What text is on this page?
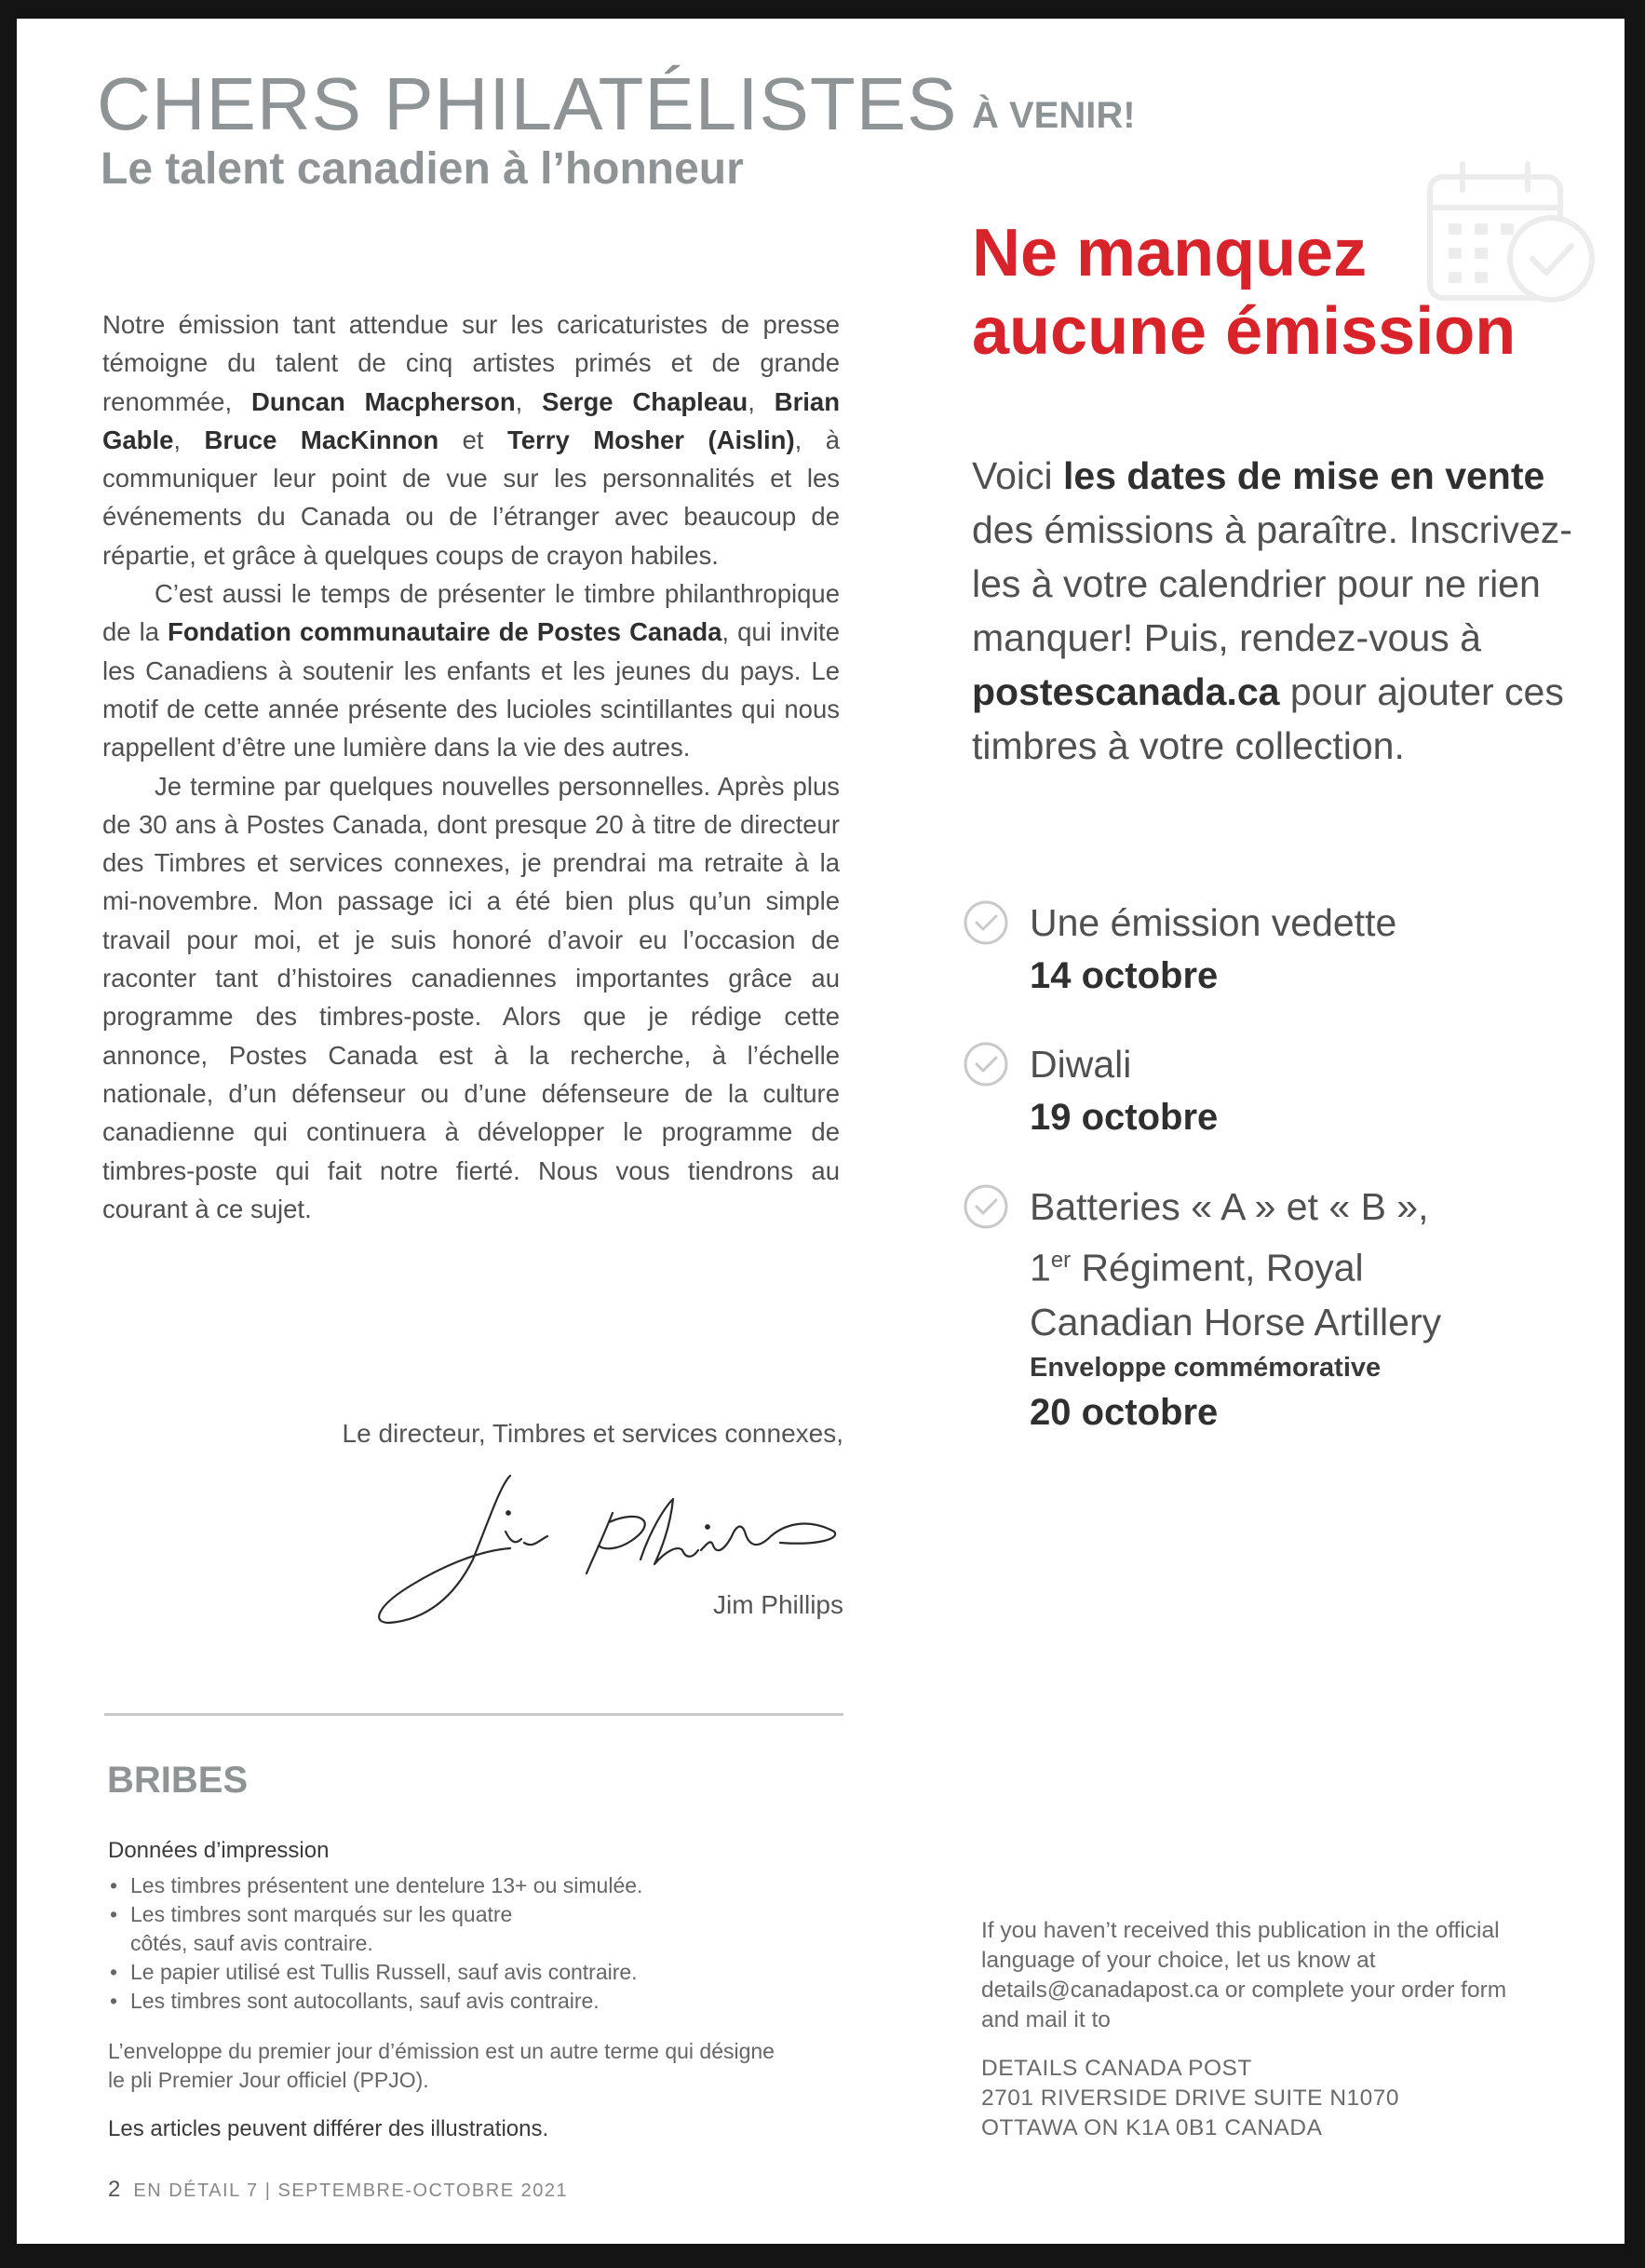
CHERS PHILATÉLISTES
Le talent canadien à l’honneur

Notre émission tant attendue sur les caricaturistes de presse témoigne du talent de cinq artistes primés et de grande renommée, Duncan Macpherson, Serge Chapleau, Brian Gable, Bruce MacKinnon et Terry Mosher (Aislin), à communiquer leur point de vue sur les personnalités et les événements du Canada ou de l’étranger avec beaucoup de répartie, et grâce à quelques coups de crayon habiles.

C’est aussi le temps de présenter le timbre philanthropique de la Fondation communautaire de Postes Canada, qui invite les Canadiens à soutenir les enfants et les jeunes du pays. Le motif de cette année présente des lucioles scintillantes qui nous rappellent d’être une lumière dans la vie des autres.

Je termine par quelques nouvelles personnelles. Après plus de 30 ans à Postes Canada, dont presque 20 à titre de directeur des Timbres et services connexes, je prendrai ma retraite à la mi-novembre. Mon passage ici a été bien plus qu’un simple travail pour moi, et je suis honoré d’avoir eu l’occasion de raconter tant d’histoires canadiennes importantes grâce au programme des timbres-poste. Alors que je rédige cette annonce, Postes Canada est à la recherche, à l’échelle nationale, d’un défenseur ou d’une défenseure de la culture canadienne qui continuera à développer le programme de timbres-poste qui fait notre fierté. Nous vous tiendrons au courant à ce sujet.

Le directeur, Timbres et services connexes,
Jim Phillips
BRIBES
Données d’impression
• Les timbres présentent une dentelure 13+ ou simulée.
• Les timbres sont marqués sur les quatre côtés, sauf avis contraire.
• Le papier utilisé est Tullis Russell, sauf avis contraire.
• Les timbres sont autocollants, sauf avis contraire.
L’enveloppe du premier jour d’émission est un autre terme qui désigne le pli Premier Jour officiel (PPJO).
Les articles peuvent différer des illustrations.
2 EN DÉTAIL 7 | SEPTEMBRE-OCTOBRE 2021
À VENIR!
Ne manquez
aucune émission
Voici les dates de mise en vente des émissions à paraître. Inscrivez-les à votre calendrier pour ne rien manquer! Puis, rendez-vous à postescanada.ca pour ajouter ces timbres à votre collection.
Une émission vedette
14 octobre
Diwali
19 octobre
Batteries « A » et « B »,
1er Régiment, Royal
Canadian Horse Artillery
Enveloppe commémorative
20 octobre
If you haven’t received this publication in the official language of your choice, let us know at details@canadapost.ca or complete your order form and mail it to
DETAILS CANADA POST
2701 RIVERSIDE DRIVE SUITE N1070
OTTAWA ON K1A 0B1 CANADA
